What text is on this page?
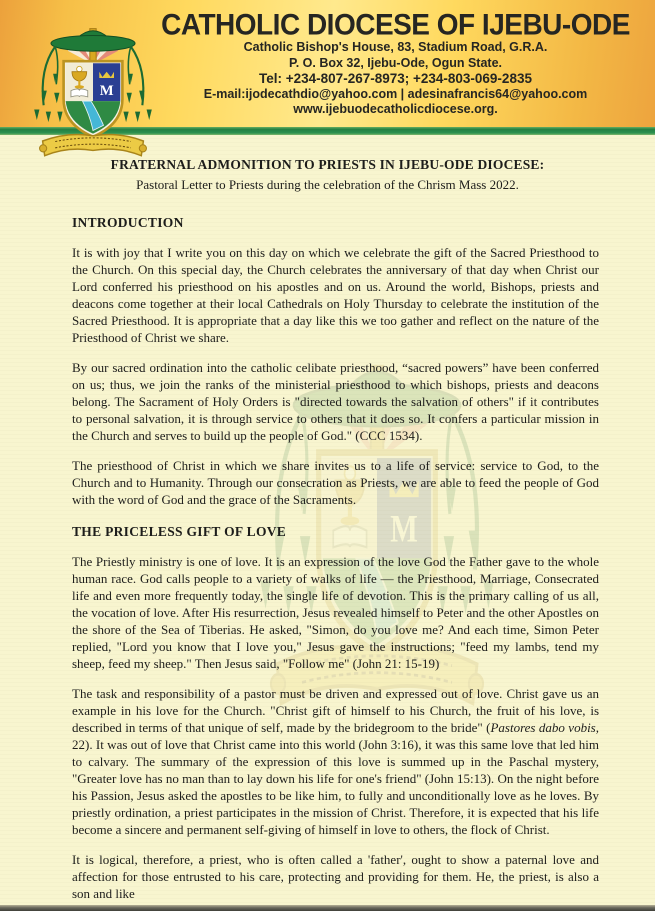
CATHOLIC DIOCESE OF IJEBU-ODE
Catholic Bishop's House, 83, Stadium Road, G.R.A.
P. O. Box 32, Ijebu-Ode, Ogun State.
Tel: +234-807-267-8973; +234-803-069-2835
E-mail:ijodecathdio@yahoo.com | adesinafrancis64@yahoo.com
www.ijebuodecatholicdiocese.org.
FRATERNAL ADMONITION TO PRIESTS IN IJEBU-ODE DIOCESE:
Pastoral Letter to Priests during the celebration of the Chrism Mass 2022.
INTRODUCTION

It is with joy that I write you on this day on which we celebrate the gift of the Sacred Priesthood to the Church. On this special day, the Church celebrates the anniversary of that day when Christ our Lord conferred his priesthood on his apostles and on us. Around the world, Bishops, priests and deacons come together at their local Cathedrals on Holy Thursday to celebrate the institution of the Sacred Priesthood. It is appropriate that a day like this we too gather and reflect on the nature of the Priesthood of Christ we share.

By our sacred ordination into the catholic celibate priesthood, “sacred powers” have been conferred on us; thus, we join the ranks of the ministerial priesthood to which bishops, priests and deacons belong. The Sacrament of Holy Orders is "directed towards the salvation of others" if it contributes to personal salvation, it is through service to others that it does so. It confers a particular mission in the Church and serves to build up the people of God." (CCC 1534).

The priesthood of Christ in which we share invites us to a life of service: service to God, to the Church and to Humanity. Through our consecration as Priests, we are able to feed the people of God with the word of God and the grace of the Sacraments.

THE PRICELESS GIFT OF LOVE

The Priestly ministry is one of love. It is an expression of the love God the Father gave to the whole human race. God calls people to a variety of walks of life — the Priesthood, Marriage, Consecrated life and even more frequently today, the single life of devotion. This is the primary calling of us all, the vocation of love. After His resurrection, Jesus revealed himself to Peter and the other Apostles on the shore of the Sea of Tiberias. He asked, "Simon, do you love me? And each time, Simon Peter replied, "Lord you know that I love you," Jesus gave the instructions; "feed my lambs, tend my sheep, feed my sheep." Then Jesus said, "Follow me" (John 21: 15-19)

The task and responsibility of a pastor must be driven and expressed out of love. Christ gave us an example in his love for the Church. "Christ gift of himself to his Church, the fruit of his love, is described in terms of that unique of self, made by the bridegroom to the bride" (Pastores dabo vobis, 22). It was out of love that Christ came into this world (John 3:16), it was this same love that led him to calvary. The summary of the expression of this love is summed up in the Paschal mystery, "Greater love has no man than to lay down his life for one's friend" (John 15:13). On the night before his Passion, Jesus asked the apostles to be like him, to fully and unconditionally love as he loves. By priestly ordination, a priest participates in the mission of Christ. Therefore, it is expected that his life become a sincere and permanent self-giving of himself in love to others, the flock of Christ.

It is logical, therefore, a priest, who is often called a 'father', ought to show a paternal love and affection for those entrusted to his care, protecting and providing for them. He, the priest, is also a son and like
